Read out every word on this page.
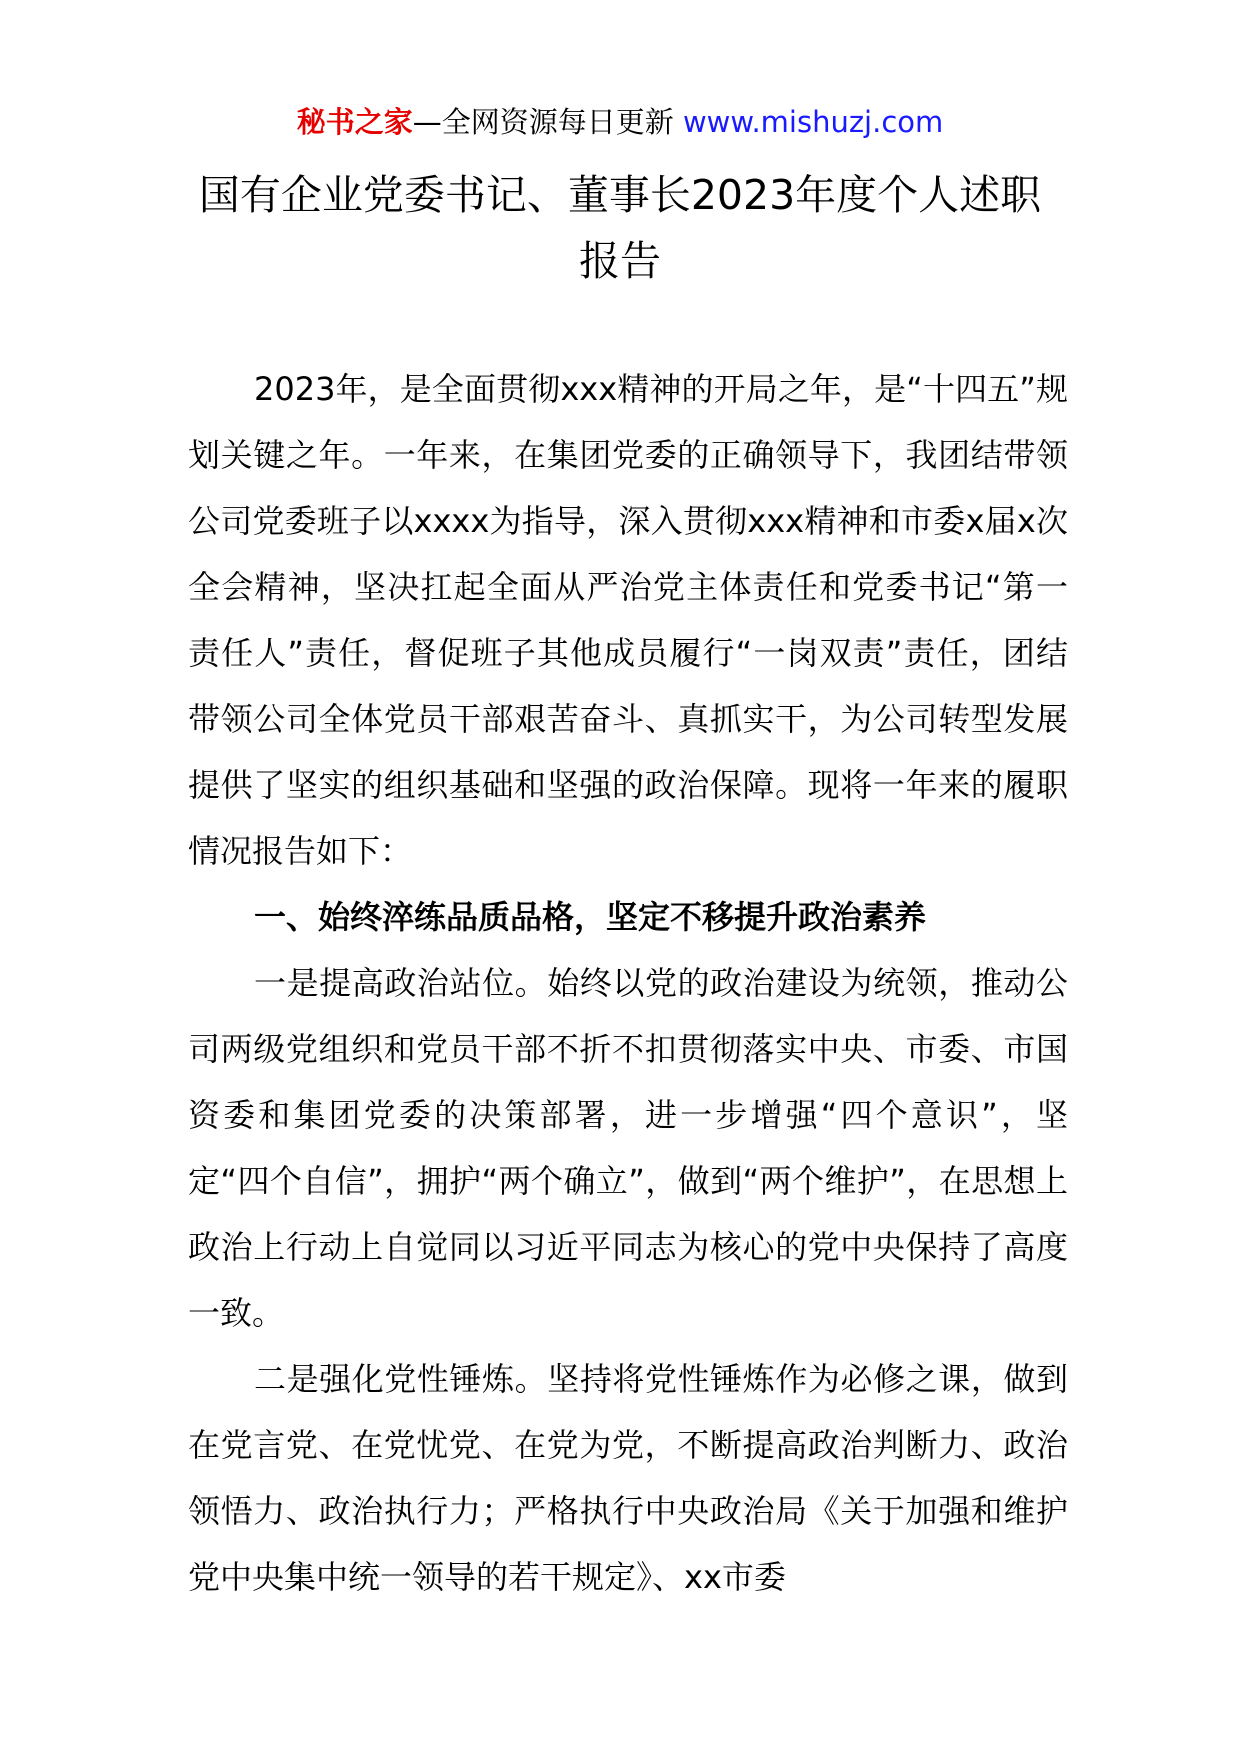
秘书之家—全网资源每日更新 www.mishuzj.com
国有企业党委书记、董事长2023年度个人述职
报告

2023年，是全面贯彻xxx精神的开局之年，是“十四五”规划关键之年。一年来，在集团党委的正确领导下，我团结带领公司党委班子以xxxx为指导，深入贯彻xxx精神和市委x届x次全会精神，坚决扛起全面从严治党主体责任和党委书记“第一责任人”责任，督促班子其他成员履行“一岗双责”责任，团结带领公司全体党员干部艰苦奋斗、真抓实干，为公司转型发展提供了坚实的组织基础和坚强的政治保障。现将一年来的履职情况报告如下：

一、始终淬练品质品格，坚定不移提升政治素养

一是提高政治站位。始终以党的政治建设为统领，推动公司两级党组织和党员干部不折不扣贯彻落实中央、市委、市国资委和集团党委的决策部署，进一步增强“四个意识”，坚定“四个自信”，拥护“两个确立”，做到“两个维护”，在思想上政治上行动上自觉同以习近平同志为核心的党中央保持了高度一致。

二是强化党性锤炼。坚持将党性锤炼作为必修之课，做到在党言党、在党忧党、在党为党，不断提高政治判断力、政治领悟力、政治执行力；严格执行中央政治局《关于加强和维护党中央集中统一领导的若干规定》、xx市委
